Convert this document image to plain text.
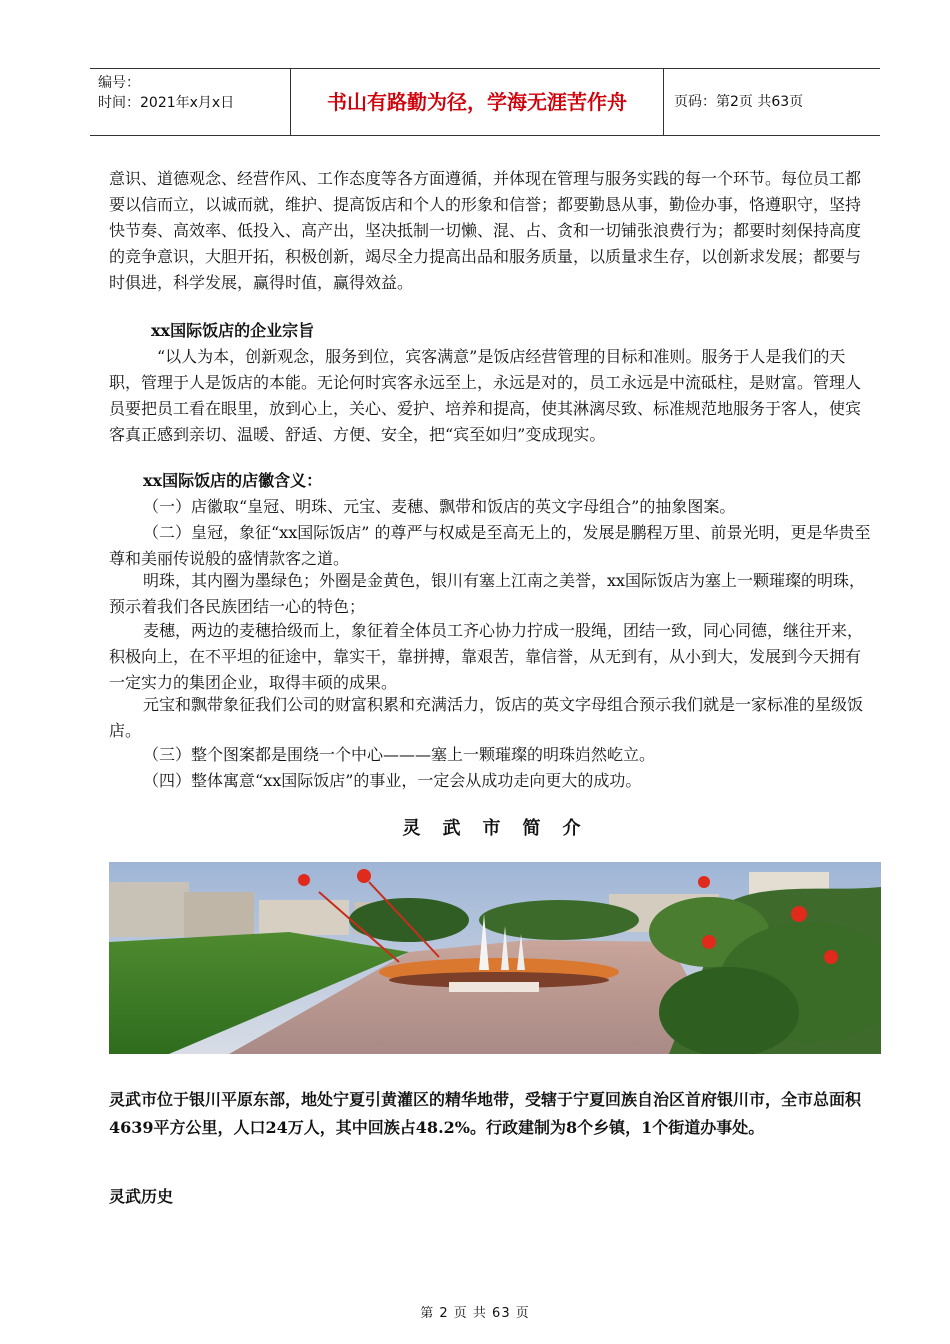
编号：
时间：2021年x月x日	书山有路勤为径，学海无涯苦作舟	页码：第2页 共63页
意识、道德观念、经营作风、工作态度等各方面遵循，并体现在管理与服务实践的每一个环节。每位员工都要以信而立，以诚而就，维护、提高饭店和个人的形象和信誉；都要勤恳从事，勤俭办事，恪遵职守，坚持快节奏、高效率、低投入、高产出，坚决抵制一切懒、混、占、贪和一切铺张浪费行为；都要时刻保持高度的竞争意识，大胆开拓，积极创新，竭尽全力提高出品和服务质量，以质量求生存，以创新求发展；都要与时俱进，科学发展，赢得时值，赢得效益。
xx国际饭店的企业宗旨
“以人为本，创新观念，服务到位，宾客满意”是饭店经营管理的目标和准则。服务于人是我们的天职，管理于人是饭店的本能。无论何时宾客永远至上，永远是对的，员工永远是中流砥柱，是财富。管理人员要把员工看在眼里，放到心上，关心、爱护、培养和提高，使其淋漓尽致、标准规范地服务于客人，使宾客真正感到亲切、温暖、舒适、方便、安全，把“宾至如归”变成现实。
xx国际饭店的店徽含义：
（一）店徽取“皇冠、明珠、元宝、麦穗、飘带和饭店的英文字母组合”的抽象图案。
（二）皇冠，象征“xx国际饭店” 的尊严与权威是至高无上的，发展是鹏程万里、前景光明，更是华贵至尊和美丽传说般的盛情款客之道。
明珠，其内圈为墨绿色；外圈是金黄色，银川有塞上江南之美誉，xx国际饭店为塞上一颗璀璨的明珠，预示着我们各民族团结一心的特色；
麦穗，两边的麦穗拾级而上，象征着全体员工齐心协力拧成一股绳，团结一致，同心同德，继往开来，积极向上，在不平坦的征途中，靠实干，靠拼搏，靠艰苦，靠信誉，从无到有，从小到大，发展到今天拥有一定实力的集团企业，取得丰硕的成果。
元宝和飘带象征我们公司的财富积累和充满活力，饭店的英文字母组合预示我们就是一家标准的星级饭店。
（三）整个图案都是围绕一个中心———塞上一颗璀璨的明珠岿然屹立。
（四）整体寓意“xx国际饭店”的事业，一定会从成功走向更大的成功。
灵武市简介
灵武市位于银川平原东部，地处宁夏引黄灌区的精华地带，受辖于宁夏回族自治区首府银川市，全市总面积4639平方公里，人口24万人，其中回族占48.2%。行政建制为8个乡镇，1个街道办事处。
灵武历史
第 2 页 共 63 页
